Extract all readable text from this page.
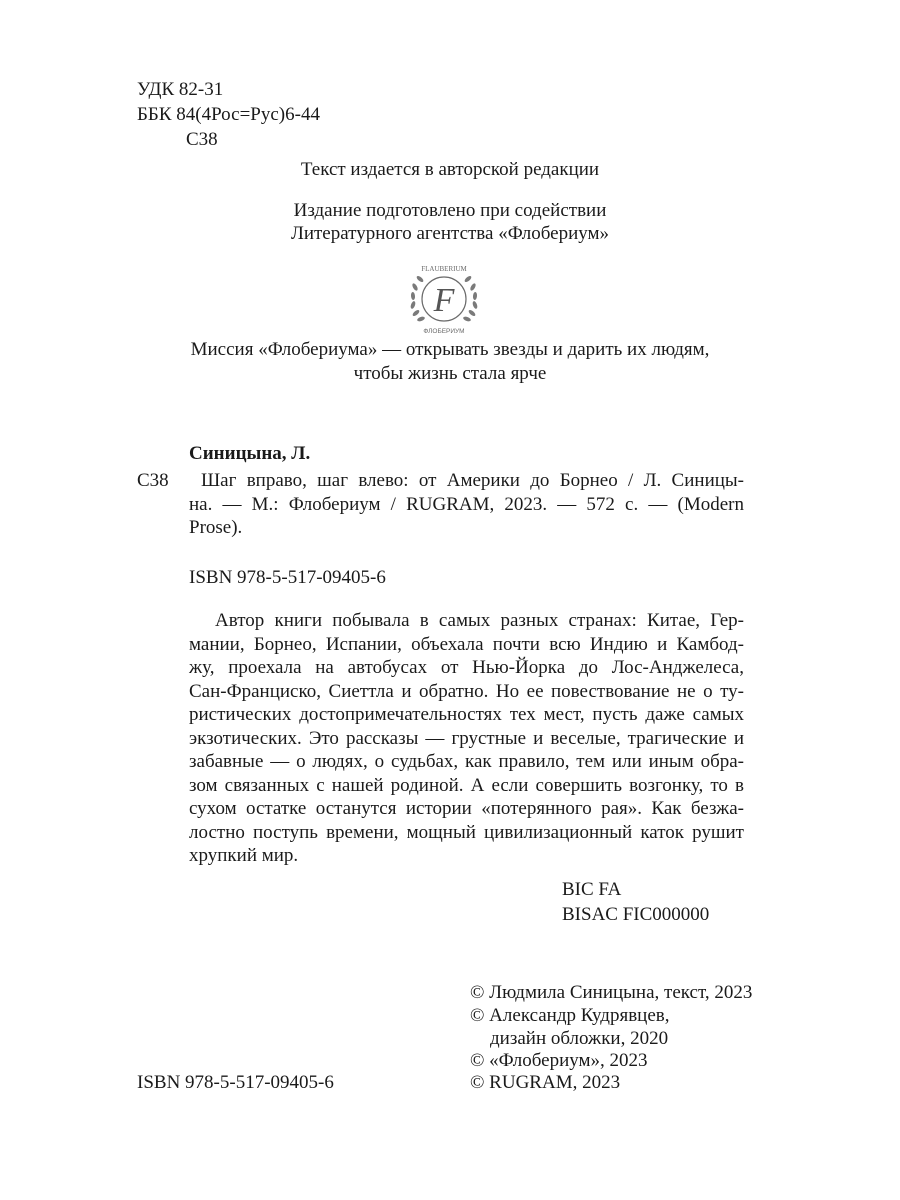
УДК 82-31
ББК 84(4Рос=Рус)6-44
С38
Текст издается в авторской редакции
Издание подготовлено при содействии
Литературного агентства «Флобериум»
FLAUBERIUM
F
ФЛОБЕРИУМ
Миссия «Флобериума» — открывать звезды и дарить их людям,
чтобы жизнь стала ярче
Синицына, Л.
С38 Шаг вправо, шаг влево: от Америки до Борнео / Л. Синицы-
на. — М.: Флобериум / RUGRAM, 2023. — 572 с. — (Modern
Prose).
ISBN 978-5-517-09405-6
Автор книги побывала в самых разных странах: Китае, Гер-
мании, Борнео, Испании, объехала почти всю Индию и Камбод-
жу, проехала на автобусах от Нью-Йорка до Лос-Анджелеса,
Сан-Франциско, Сиеттла и обратно. Но ее повествование не о ту-
ристических достопримечательностях тех мест, пусть даже самых
экзотических. Это рассказы — грустные и веселые, трагические и
забавные — о людях, о судьбах, как правило, тем или иным обра-
зом связанных с нашей родиной. А если совершить возгонку, то в
сухом остатке останутся истории «потерянного рая». Как безжа-
лостно поступь времени, мощный цивилизационный каток рушит
хрупкий мир.
BIC FA
BISAC FIC000000
© Людмила Синицына, текст, 2023
© Александр Кудрявцев,
дизайн обложки, 2020
© «Флобериум», 2023
© RUGRAM, 2023
ISBN 978-5-517-09405-6
